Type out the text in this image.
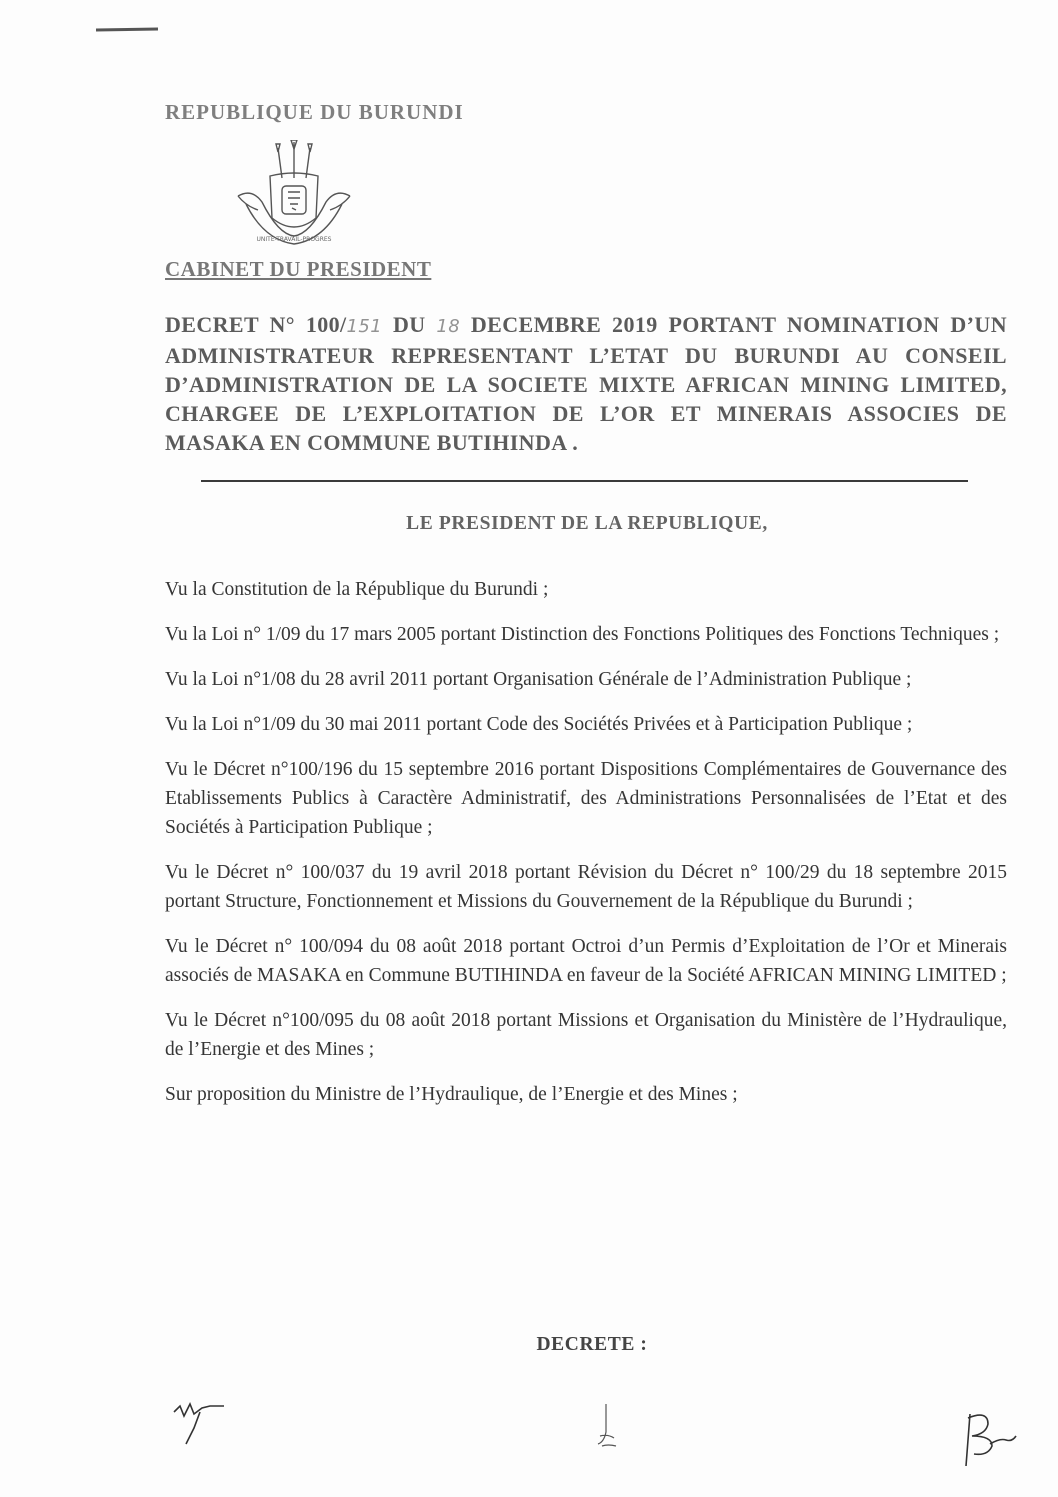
REPUBLIQUE DU BURUNDI
UNITE-TRAVAIL-PROGRES
CABINET DU PRESIDENT
DECRET N° 100/151 DU 18 DECEMBRE 2019 PORTANT NOMINATION D’UN ADMINISTRATEUR REPRESENTANT L’ETAT DU BURUNDI AU CONSEIL D’ADMINISTRATION DE LA SOCIETE MIXTE AFRICAN MINING LIMITED, CHARGEE DE L’EXPLOITATION DE L’OR ET MINERAIS ASSOCIES DE MASAKA EN COMMUNE BUTIHINDA .
LE PRESIDENT DE LA REPUBLIQUE,

Vu la Constitution de la République du Burundi ;

Vu la Loi n° 1/09 du 17 mars 2005 portant Distinction des Fonctions Politiques des Fonctions Techniques ;

Vu la Loi n°1/08 du 28 avril 2011 portant Organisation Générale de l’Administration Publique ;

Vu la Loi n°1/09 du 30 mai 2011 portant Code des Sociétés Privées et à Participation Publique ;

Vu le Décret n°100/196 du 15 septembre 2016 portant Dispositions Complémentaires de Gouvernance des Etablissements Publics à Caractère Administratif, des Administrations Personnalisées de l’Etat et des Sociétés à Participation Publique ;

Vu le Décret n° 100/037 du 19 avril 2018 portant Révision du Décret n° 100/29 du 18 septembre 2015 portant Structure, Fonctionnement et Missions du Gouvernement de la République du Burundi ;

Vu le Décret n° 100/094 du 08 août 2018 portant Octroi d’un Permis d’Exploitation de l’Or et Minerais associés de MASAKA en Commune BUTIHINDA en faveur de la Société AFRICAN MINING LIMITED ;

Vu le Décret n°100/095 du 08 août 2018 portant Missions et Organisation du Ministère de l’Hydraulique, de l’Energie et des Mines ;

Sur proposition du Ministre de l’Hydraulique, de l’Energie et des Mines ;

DECRETE :
